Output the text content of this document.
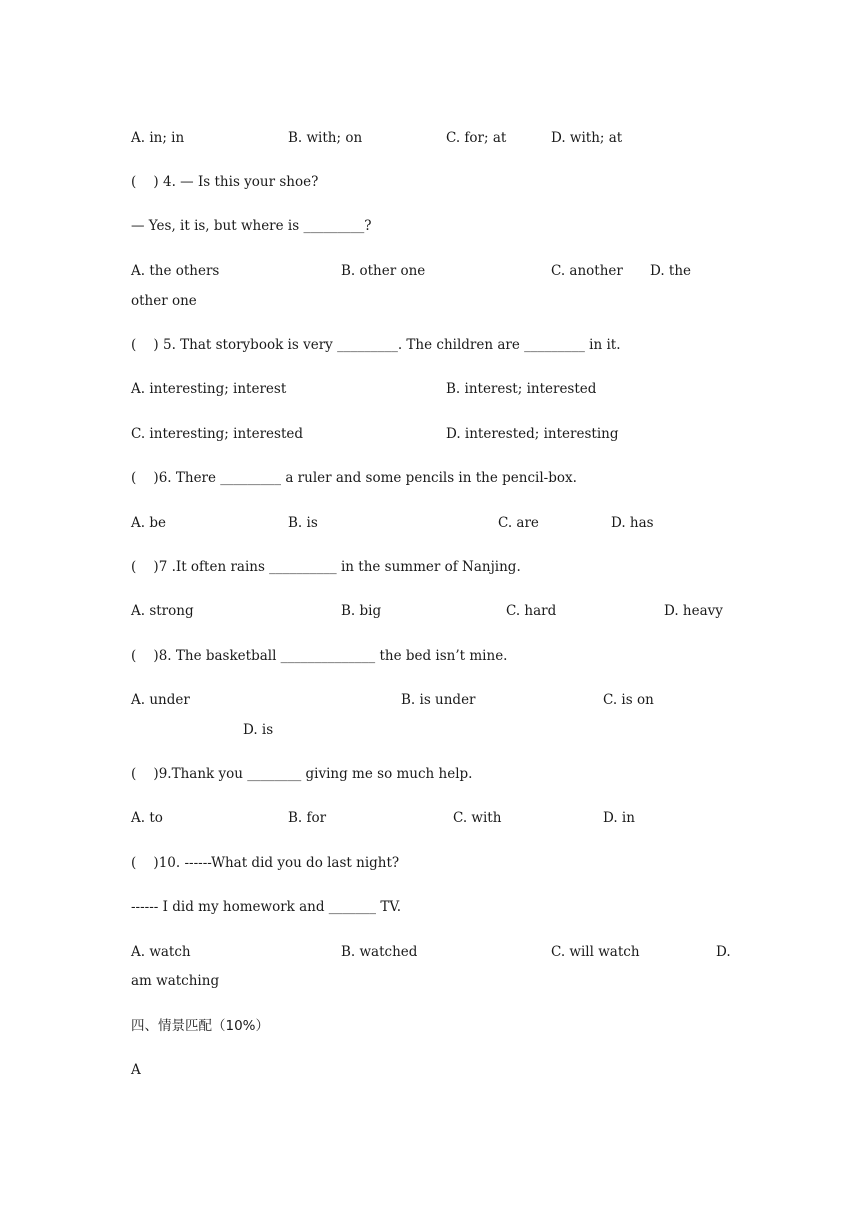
A. in; in	B. with; on	C. for; at	D. with; at
(    ) 4. — Is this your shoe?
— Yes, it is, but where is _________?
A. the others	B. other one	C. another D. the
other one
(    ) 5. That storybook is very _________. The children are _________ in it.
A. interesting; interest	B. interest; interested
C. interesting; interested	D. interested; interesting
(    )6. There _________ a ruler and some pencils in the pencil-box.
A. be	B. is	C. are	D. has
(    )7 .It often rains __________ in the summer of Nanjing.
A. strong	B. big	C. hard	D. heavy
(    )8. The basketball ______________ the bed isn’t mine.
A. under	B. is under	C. is on
D. is
(    )9.Thank you ________ giving me so much help.
A. to	B. for	C. with	D. in
(    )10. ------What did you do last night?
------ I did my homework and _______ TV.
A. watch	B. watched	C. will watch	D.
am watching
四、情景匹配（10%）
A
